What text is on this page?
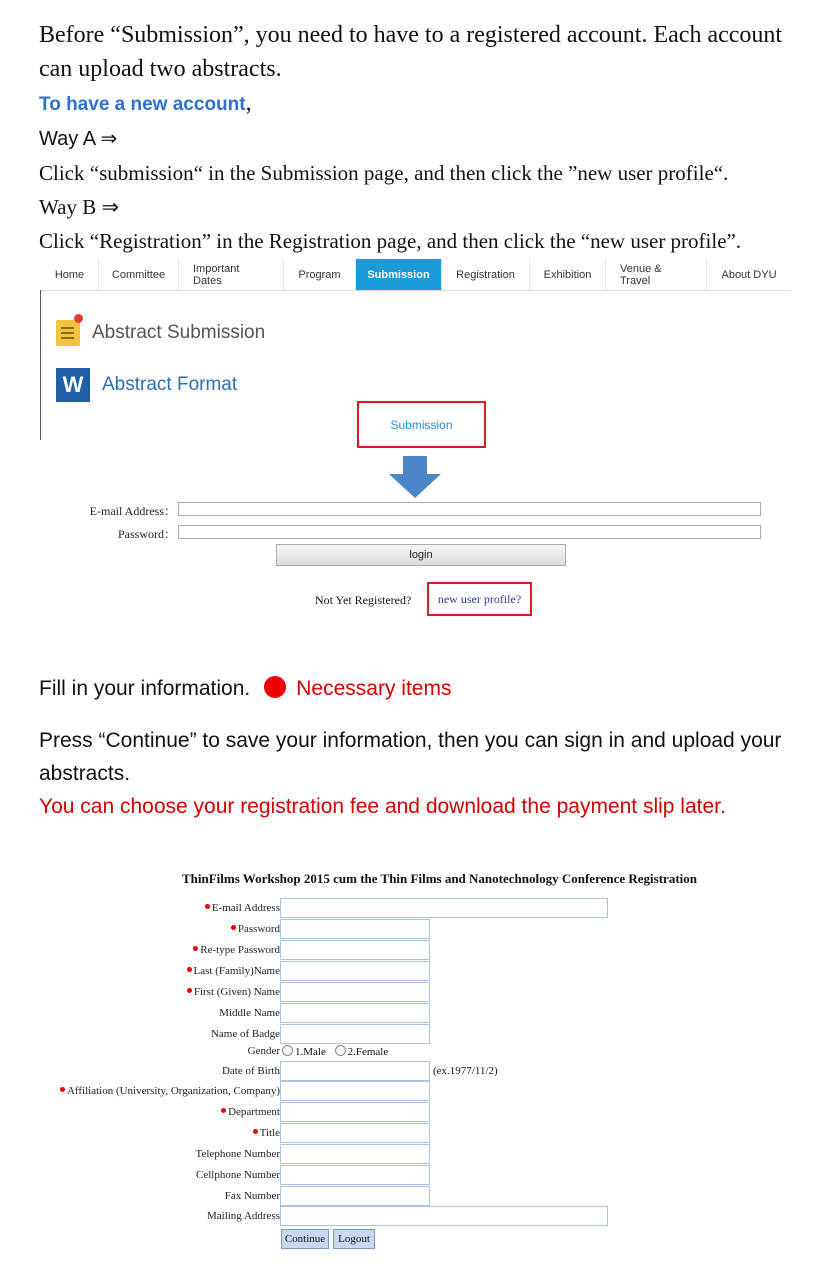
Before “Submission”, you need to have to a registered account. Each account can upload two abstracts.

To have a new account,

Way A ⇒

Click “submission“ in the Submission page, and then click the ”new user profile“.

Way B ⇒

Click “Registration” in the Registration page, and then click the “new user profile”.

Home	Committee	Important Dates	Program	Submission	Registration	Exhibition	Venue & Travel	About DYU
Abstract Submission
W Abstract Format
Submission
E-mail Address：
Password：
login
Not Yet Registered?	new user profile?

Fill in your information. Necessary items

Press “Continue” to save your information, then you can sign in and upload your abstracts.

You can choose your registration fee and download the payment slip later.

ThinFilms Workshop 2015 cum the Thin Films and Nanotechnology Conference Registration
E-mail Address
Password
Re-type Password
Last (Family)Name
First (Given) Name
Middle Name
Name of Badge
Gender	1.Male 2.Female
Date of Birth	(ex.1977/11/2)
Affiliation (University, Organization, Company)
Department
Title
Telephone Number
Cellphone Number
Fax Number
Mailing Address
Continue	Logout
